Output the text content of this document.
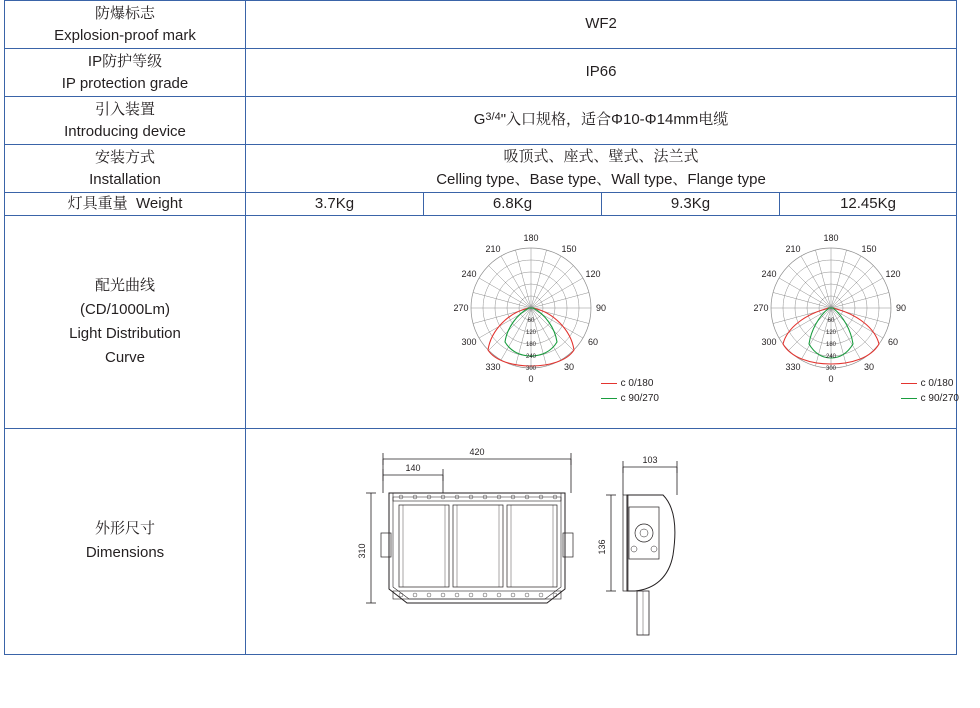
防爆标志
Explosion-proof mark	WF2			

IP防护等级
IP protection grade	IP66			

引入装置
Introducing device	$G^{3/4}$"入口规格，适合Φ10-Φ14mm电缆			

安装方式
Installation	吸顶式、座式、壁式、法兰式
Celling type、Base type、Wall type、Flange type			

灯具重量 Weight	3.7Kg	6.8Kg	9.3Kg	12.45Kg

配光曲线
(CD/1000Lm)
Light Distribution
Curve

60
120
180
240
300
180
210	150
240	120
270	90
300	60
330	30
0	c 0/180
c 90/270
60
120
180
240
300
180
210	150
240	120
270	90
300	60
330	30
0	c 0/180
c 90/270

外形尺寸
Dimensions	420
140
310
103
136			
